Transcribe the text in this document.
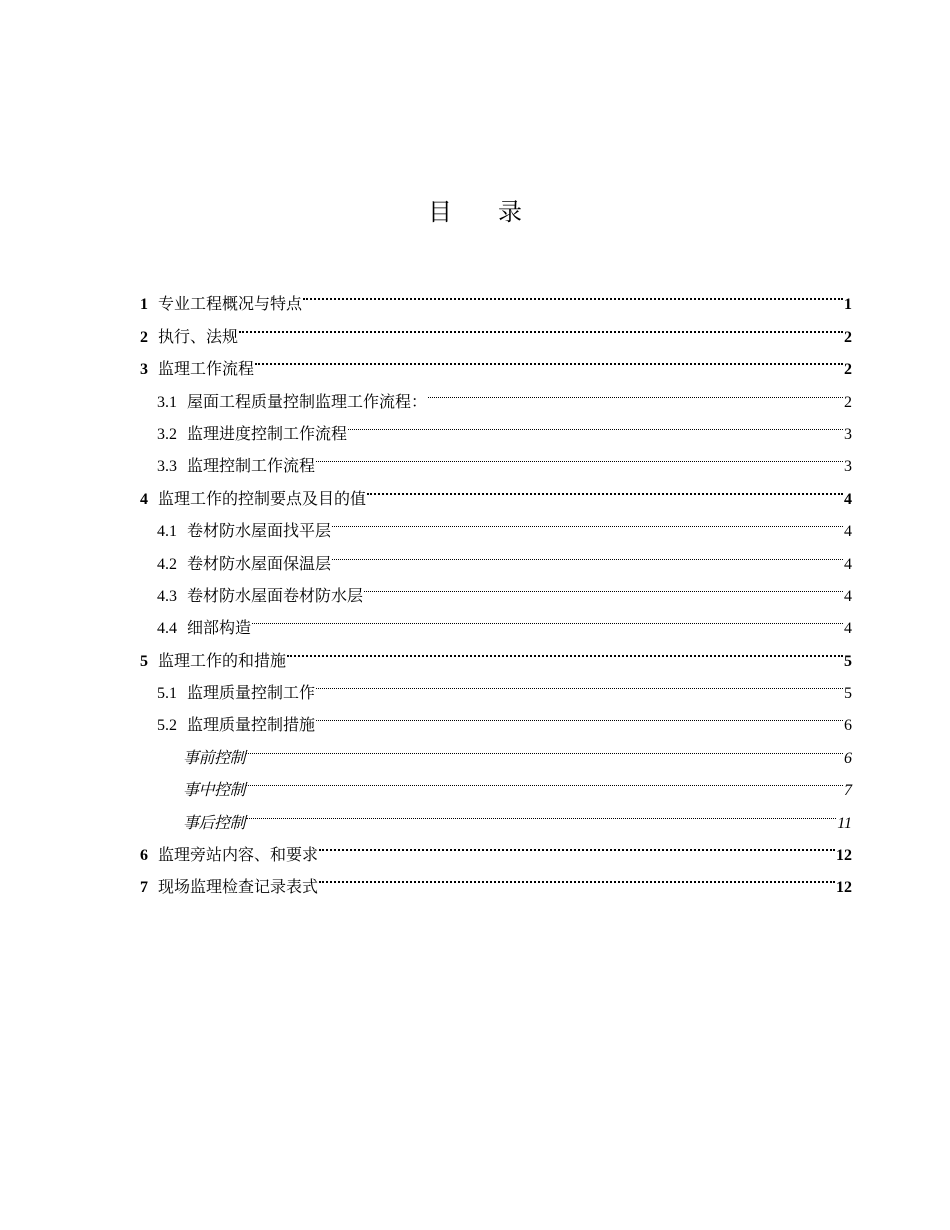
目 录
1 专业工程概况与特点	1
2 执行、法规	2
3 监理工作流程	2
3.1 屋面工程质量控制监理工作流程：	2
3.2 监理进度控制工作流程	3
3.3 监理控制工作流程	3
4 监理工作的控制要点及目的值	4
4.1 卷材防水屋面找平层	4
4.2 卷材防水屋面保温层	4
4.3 卷材防水屋面卷材防水层	4
4.4 细部构造	4
5 监理工作的和措施	5
5.1 监理质量控制工作	5
5.2 监理质量控制措施	6
事前控制	6
事中控制	7
事后控制	11
6 监理旁站内容、和要求	12
7 现场监理检查记录表式	12
